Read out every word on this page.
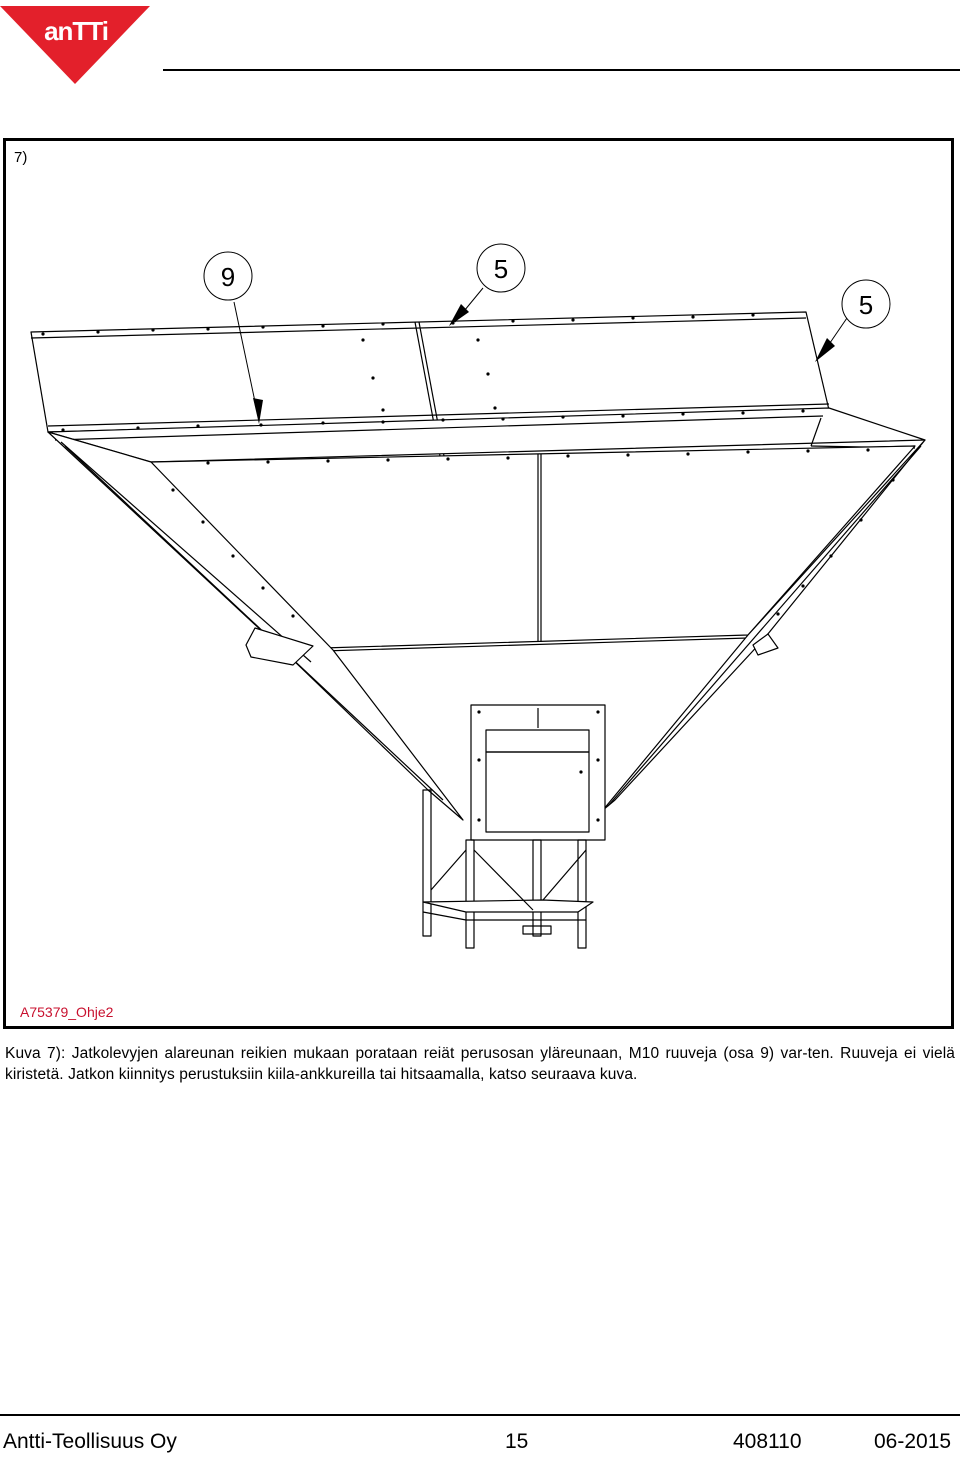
anTTi
9	5
5
7)
A75379_Ohje2
Kuva 7): Jatkolevyjen alareunan reikien mukaan porataan reiät perusosan yläreunaan, M10 ruuveja (osa 9) var-ten. Ruuveja ei vielä kiristetä. Jatkon kiinnitys perustuksiin kiila-ankkureilla tai hitsaamalla, katso seuraava kuva.
Antti-Teollisuus Oy	15	408110	06-2015
